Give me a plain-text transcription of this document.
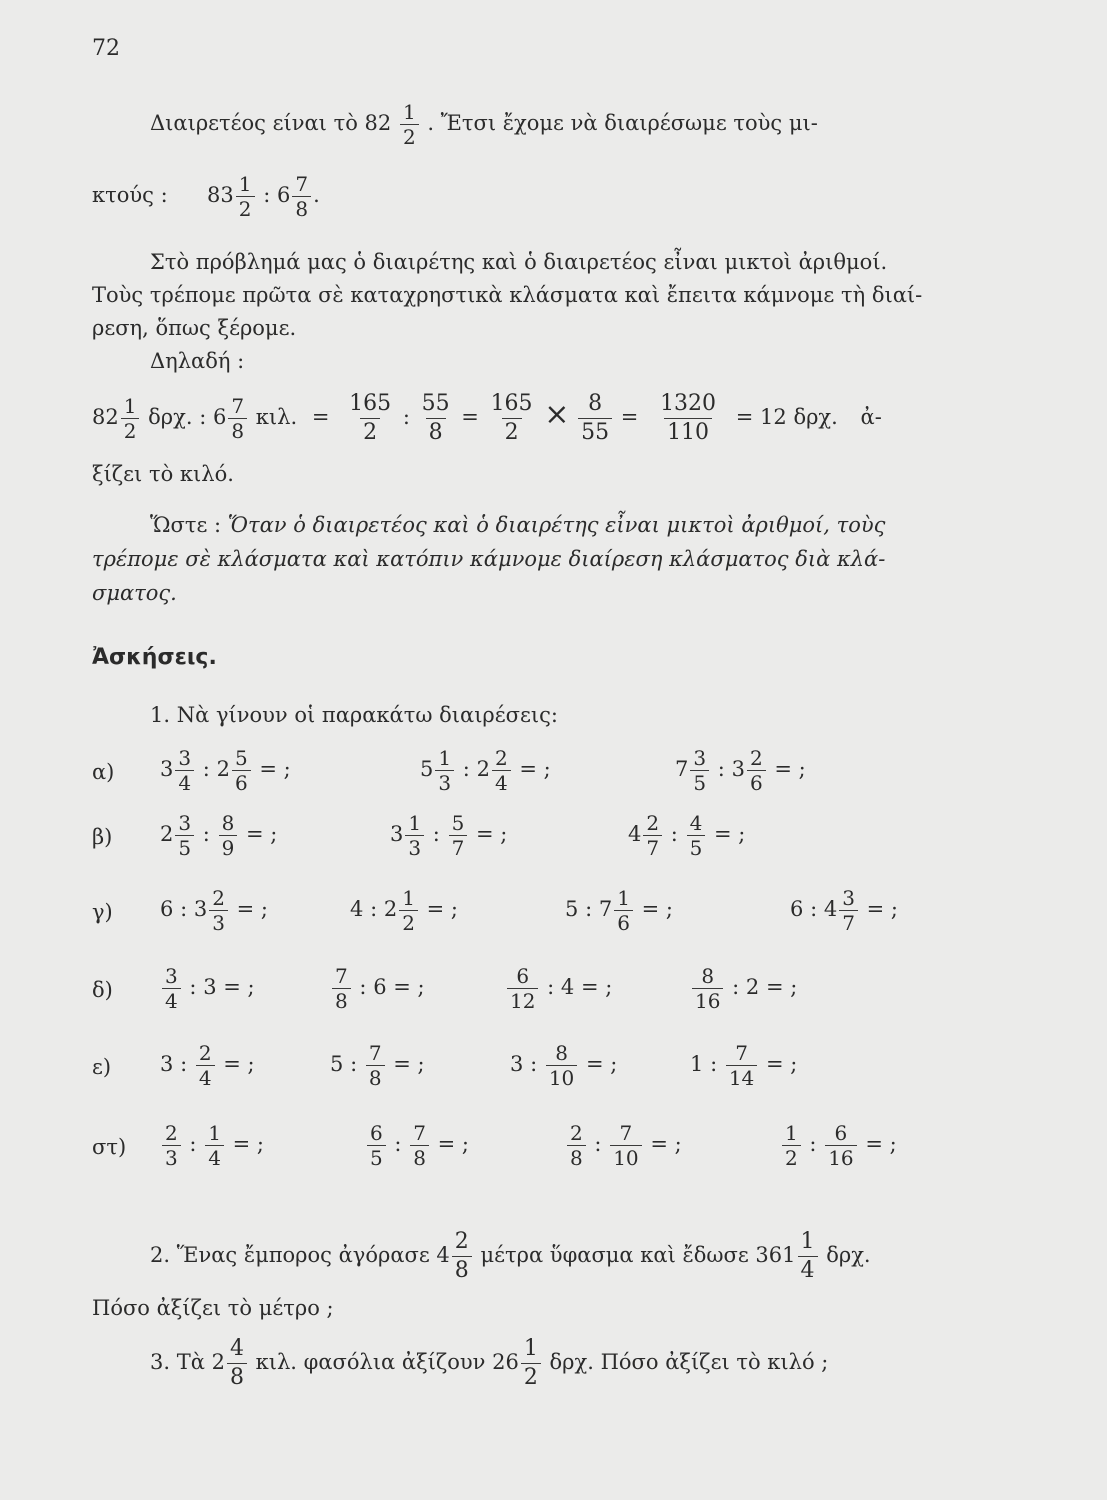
72
Διαιρετέος είναι τὸ $82 \frac{1}{2}$ . Ἔτσι ἔχομε νὰ διαιρέσωμε τοὺς μι-
κτούς : $83 \frac{1}{2}$ : $6 \frac{7}{8}$ .
Στὸ πρόβλημά μας ὁ διαιρέτης καὶ ὁ διαιρετέος εἶναι μικτοὶ ἀριθμοί.
Τοὺς τρέπομε πρῶτα σὲ καταχρηστικὰ κλάσματα καὶ ἔπειτα κάμνομε τὴ διαί-
ρεση, ὅπως ξέρομε.
Δηλαδή :
$82 \frac{1}{2} \delta\rho\chi$. : $6 \frac{7}{8} \kappa\iota\lambda$. = $\frac{165}{2}$ : $\frac{55}{8} = \frac{165}{2} \times \frac{8}{55} = \frac{1320}{110} = 12$ δρχ. ἀ-
ξίζει τὸ κιλό.
Ὥστε : Ὅταν ὁ διαιρετέος καὶ ὁ διαιρέτης εἶναι μικτοὶ ἀριθμοί, τοὺς
τρέπομε σὲ κλάσματα καὶ κατόπιν κάμνομε διαίρεση κλάσματος διὰ κλά-
σματος.
Ἀσκήσεις.
1. Νὰ γίνουν οἱ παρακάτω διαιρέσεις:
α) $3 \frac{3}{4}$ : $2 \frac{5}{6}$ = ;	$5 \frac{1}{3}$ : $2 \frac{2}{4}$ = ;	$7 \frac{3}{5}$ : $3 \frac{2}{6}$ = ;
β) $2 \frac{3}{5}$ : $\frac{8}{9}$ = ;	$3 \frac{1}{3}$ : $\frac{5}{7}$ = ;	$4 \frac{2}{7}$ : $\frac{4}{5}$ = ;
γ) 6 : $3 \frac{2}{3}$ = ;	4 : $2 \frac{1}{2}$ = ;	5 : $7 \frac{1}{6}$ = ;	6 : $4 \frac{3}{7}$ = ;
$\delta) \frac{3}{4}$ : 3 = ;	$\frac{7}{8}$ : 6 = ;	$\frac{6}{12}$ : 4 = ;	$\frac{8}{16}$ : 2 = ;
ε) 3 : $\frac{2}{4}$ = ;	5 : $\frac{7}{8}$ = ;	3 : $\frac{8}{10}$ = ;	1 : $\frac{7}{14}$ = ;
$\sigma\tau) \frac{2}{3}$ : $\frac{1}{4}$ = ;	$\frac{6}{5}$ : $\frac{7}{8}$ = ;	$\frac{2}{8}$ : $\frac{7}{10}$ = ;	$\frac{1}{2}$ : $\frac{6}{16}$ = ;
2. Ἕνας ἔμπορος ἀγόρασε $4 \frac{2}{8}$ μέτρα ὕφασμα καὶ ἔδωσε $361 \frac{1}{4} \delta\rho\chi$.
Πόσο ἀξίζει τὸ μέτρο ;
3. Τὰ $2 \frac{4}{8} \kappa\iota\lambda$. φασόλια ἀξίζουν $26 \frac{1}{2} \delta\rho\chi$. Πόσο ἀξίζει τὸ κιλό ;
